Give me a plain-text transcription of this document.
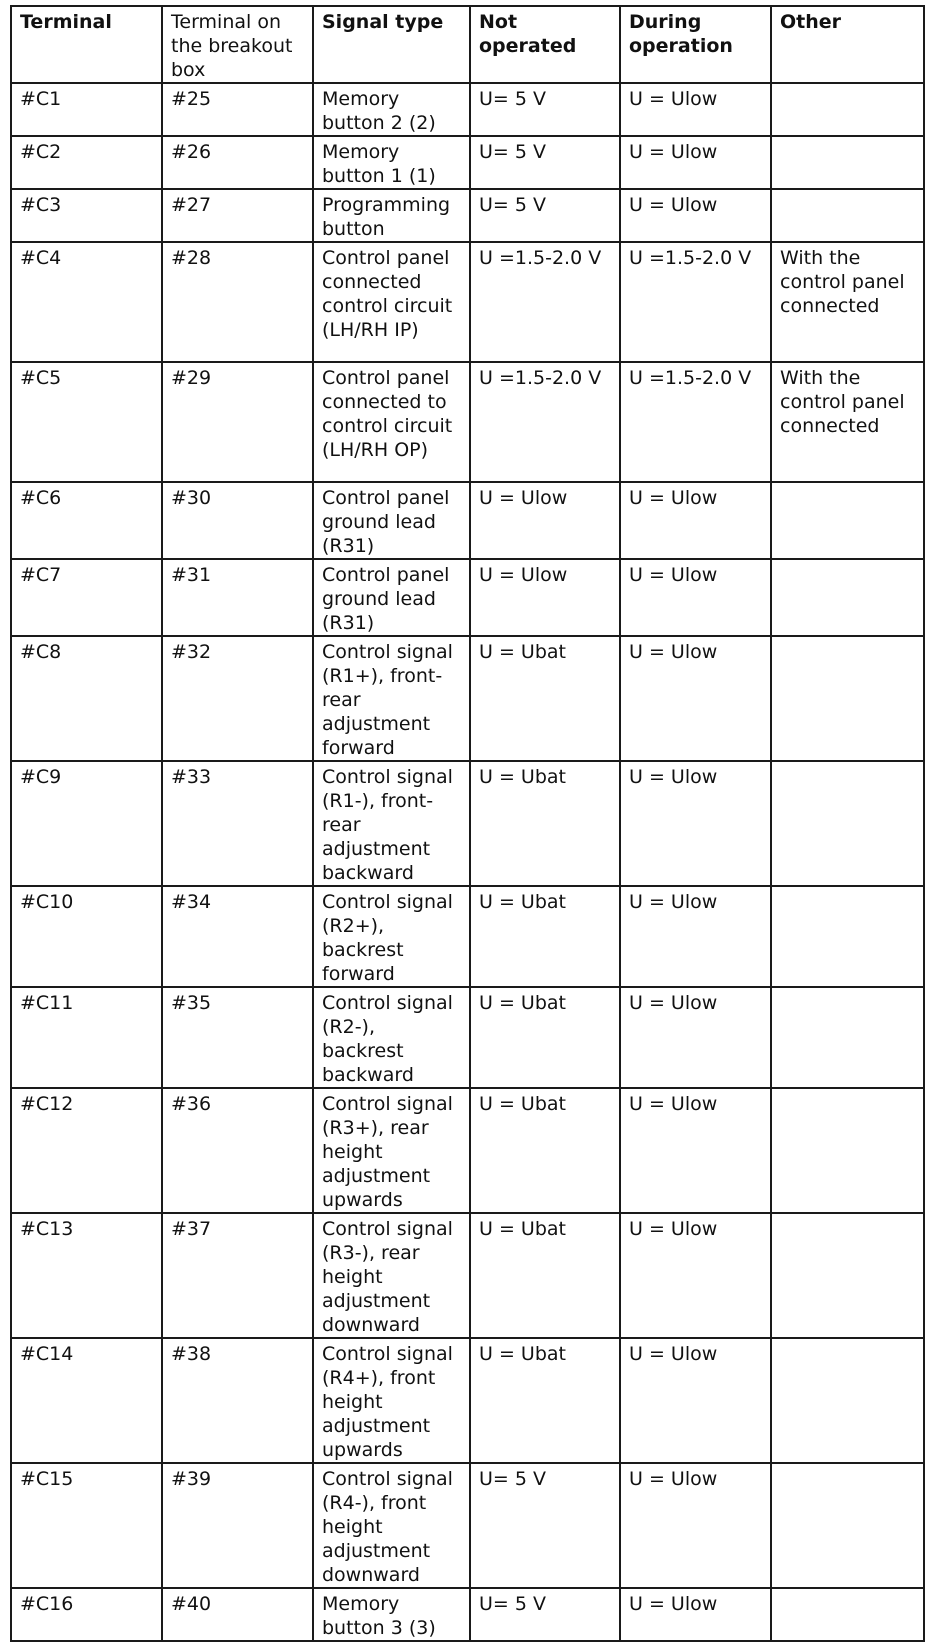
Terminal	Terminal on the breakout box	Signal type	Not operated	During operation	Other
#C1	#25	Memory button 2 (2)	U= 5 V	U = Ulow	
#C2	#26	Memory button 1 (1)	U= 5 V	U = Ulow	
#C3	#27	Programming button	U= 5 V	U = Ulow	
#C4	#28	Control panel connected control circuit (LH/RH IP)	U =1.5-2.0 V	U =1.5-2.0 V	With the control panel connected
#C5	#29	Control panel connected to control circuit (LH/RH OP)	U =1.5-2.0 V	U =1.5-2.0 V	With the control panel connected
#C6	#30	Control panel ground lead (R31)	U = Ulow	U = Ulow	
#C7	#31	Control panel ground lead (R31)	U = Ulow	U = Ulow	
#C8	#32	Control signal (R1+), front-rear adjustment forward	U = Ubat	U = Ulow	
#C9	#33	Control signal (R1-), front-rear adjustment backward	U = Ubat	U = Ulow	
#C10	#34	Control signal (R2+), backrest forward	U = Ubat	U = Ulow	
#C11	#35	Control signal (R2-), backrest backward	U = Ubat	U = Ulow	
#C12	#36	Control signal (R3+), rear height adjustment upwards	U = Ubat	U = Ulow	
#C13	#37	Control signal (R3-), rear height adjustment downward	U = Ubat	U = Ulow	
#C14	#38	Control signal (R4+), front height adjustment upwards	U = Ubat	U = Ulow	
#C15	#39	Control signal (R4-), front height adjustment downward	U= 5 V	U = Ulow	
#C16	#40	Memory button 3 (3)	U= 5 V	U = Ulow	
